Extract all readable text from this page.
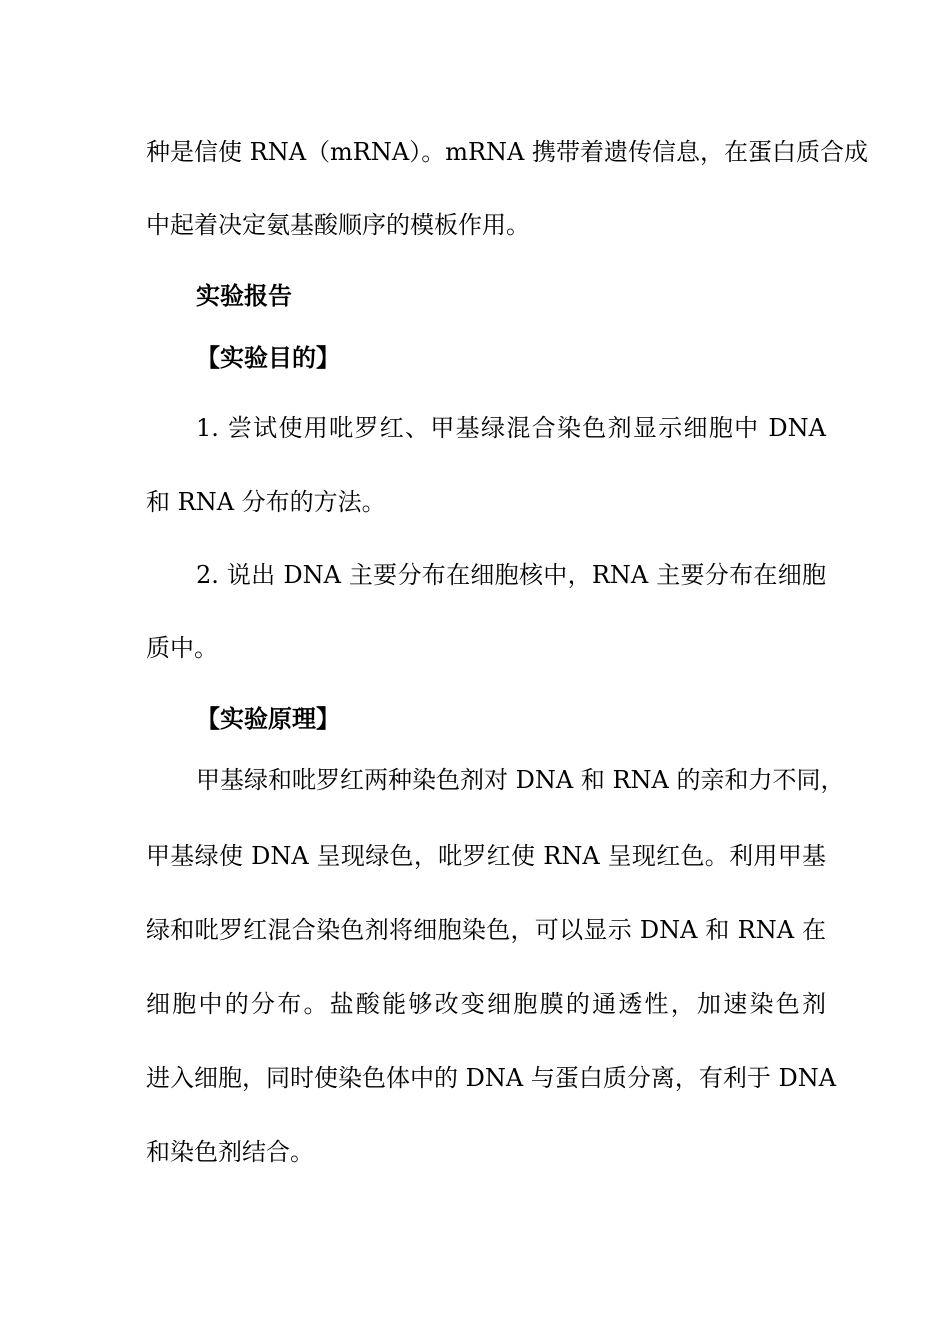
种是信使 RNA（mRNA）。mRNA 携带着遗传信息，在蛋白质合成
中起着决定氨基酸顺序的模板作用。
实验报告
【实验目的】
1. 尝试使用吡罗红、甲基绿混合染色剂显示细胞中 DNA
和 RNA 分布的方法。
2. 说出 DNA 主要分布在细胞核中，RNA 主要分布在细胞
质中。
【实验原理】
甲基绿和吡罗红两种染色剂对 DNA 和 RNA 的亲和力不同，
甲基绿使 DNA 呈现绿色，吡罗红使 RNA 呈现红色。利用甲基
绿和吡罗红混合染色剂将细胞染色，可以显示 DNA 和 RNA 在
细胞中的分布。盐酸能够改变细胞膜的通透性，加速染色剂
进入细胞，同时使染色体中的 DNA 与蛋白质分离，有利于 DNA
和染色剂结合。
